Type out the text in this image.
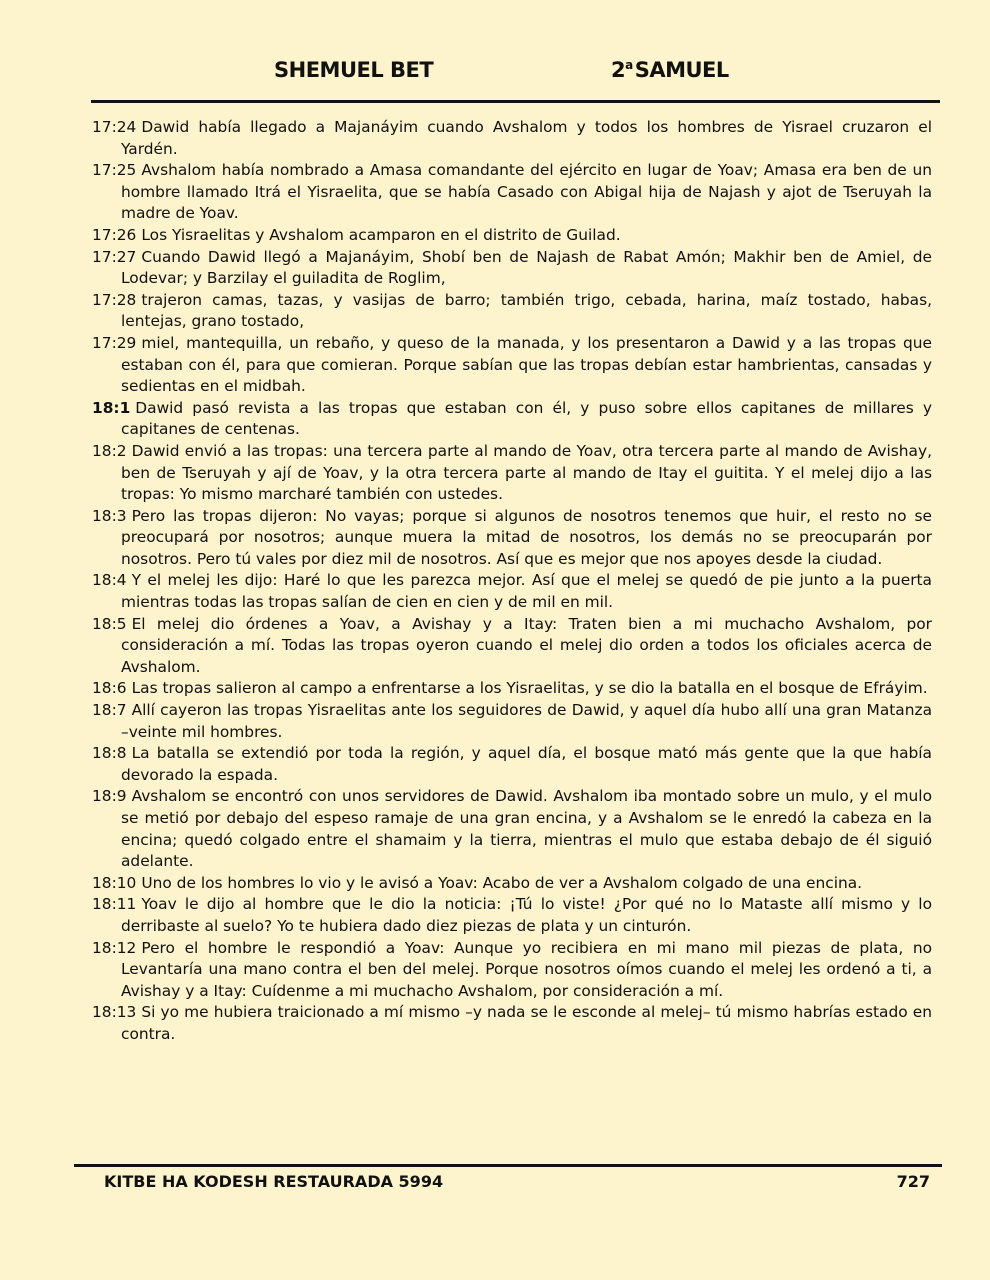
SHEMUEL BET	2$^a$SAMUEL

17:24 Dawid había llegado a Majanáyim cuando Avshalom y todos los hombres de Yisrael cruzaron el Yardén.

17:25 Avshalom había nombrado a Amasa comandante del ejército en lugar de Yoav; Amasa era ben de un hombre llamado Itrá el Yisraelita, que se había Casado con Abigal hija de Najash y ajot de Tseruyah la madre de Yoav.

17:26 Los Yisraelitas y Avshalom acamparon en el distrito de Guilad.

17:27 Cuando Dawid llegó a Majanáyim, Shobí ben de Najash de Rabat Amón; Makhir ben de Amiel, de Lodevar; y Barzilay el guiladita de Roglim,

17:28 trajeron camas, tazas, y vasijas de barro; también trigo, cebada, harina, maíz tostado, habas, lentejas, grano tostado,

17:29 miel, mantequilla, un rebaño, y queso de la manada, y los presentaron a Dawid y a las tropas que estaban con él, para que comieran. Porque sabían que las tropas debían estar hambrientas, cansadas y sedientas en el midbah.

18:1 Dawid pasó revista a las tropas que estaban con él, y puso sobre ellos capitanes de millares y capitanes de centenas.

18:2 Dawid envió a las tropas: una tercera parte al mando de Yoav, otra tercera parte al mando de Avishay, ben de Tseruyah y ají de Yoav, y la otra tercera parte al mando de Itay el guitita. Y el melej dijo a las tropas: Yo mismo marcharé también con ustedes.

18:3 Pero las tropas dijeron: No vayas; porque si algunos de nosotros tenemos que huir, el resto no se preocupará por nosotros; aunque muera la mitad de nosotros, los demás no se preocuparán por nosotros. Pero tú vales por diez mil de nosotros. Así que es mejor que nos apoyes desde la ciudad.

18:4 Y el melej les dijo: Haré lo que les parezca mejor. Así que el melej se quedó de pie junto a la puerta mientras todas las tropas salían de cien en cien y de mil en mil.

18:5 El melej dio órdenes a Yoav, a Avishay y a Itay: Traten bien a mi muchacho Avshalom, por consideración a mí. Todas las tropas oyeron cuando el melej dio orden a todos los oficiales acerca de Avshalom.

18:6 Las tropas salieron al campo a enfrentarse a los Yisraelitas, y se dio la batalla en el bosque de Efráyim.

18:7 Allí cayeron las tropas Yisraelitas ante los seguidores de Dawid, y aquel día hubo allí una gran Matanza –veinte mil hombres.

18:8 La batalla se extendió por toda la región, y aquel día, el bosque mató más gente que la que había devorado la espada.

18:9 Avshalom se encontró con unos servidores de Dawid. Avshalom iba montado sobre un mulo, y el mulo se metió por debajo del espeso ramaje de una gran encina, y a Avshalom se le enredó la cabeza en la encina; quedó colgado entre el shamaim y la tierra, mientras el mulo que estaba debajo de él siguió adelante.

18:10 Uno de los hombres lo vio y le avisó a Yoav: Acabo de ver a Avshalom colgado de una encina.

18:11 Yoav le dijo al hombre que le dio la noticia: ¡Tú lo viste! ¿Por qué no lo Mataste allí mismo y lo derribaste al suelo? Yo te hubiera dado diez piezas de plata y un cinturón.

18:12 Pero el hombre le respondió a Yoav: Aunque yo recibiera en mi mano mil piezas de plata, no Levantaría una mano contra el ben del melej. Porque nosotros oímos cuando el melej les ordenó a ti, a Avishay y a Itay: Cuídenme a mi muchacho Avshalom, por consideración a mí.

18:13 Si yo me hubiera traicionado a mí mismo –y nada se le esconde al melej– tú mismo habrías estado en contra.

KITBE HA KODESH RESTAURADA 5994	727
